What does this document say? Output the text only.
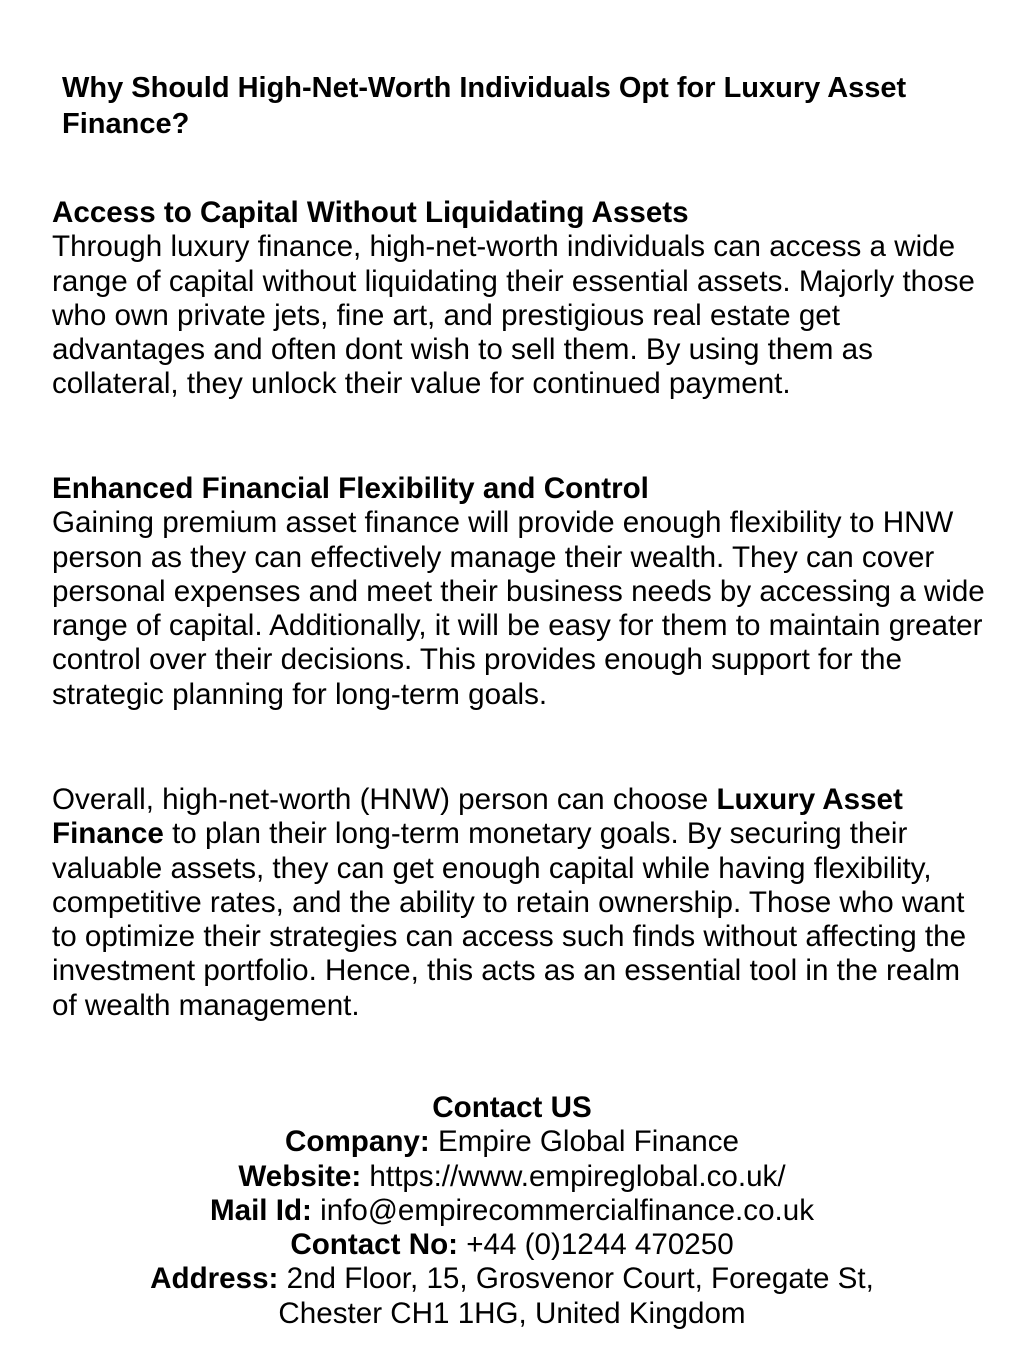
Why Should High-Net-Worth Individuals Opt for Luxury Asset Finance?

Access to Capital Without Liquidating Assets

Through luxury finance, high-net-worth individuals can access a wide range of capital without liquidating their essential assets. Majorly those who own private jets, fine art, and prestigious real estate get advantages and often dont wish to sell them. By using them as collateral, they unlock their value for continued payment.

Enhanced Financial Flexibility and Control

Gaining premium asset finance will provide enough flexibility to HNW person as they can effectively manage their wealth. They can cover personal expenses and meet their business needs by accessing a wide range of capital. Additionally, it will be easy for them to maintain greater control over their decisions. This provides enough support for the strategic planning for long-term goals.

Overall, high-net-worth (HNW) person can choose Luxury Asset Finance to plan their long-term monetary goals. By securing their valuable assets, they can get enough capital while having flexibility, competitive rates, and the ability to retain ownership. Those who want to optimize their strategies can access such finds without affecting the investment portfolio. Hence, this acts as an essential tool in the realm of wealth management.

Contact US

Company: Empire Global Finance

Website: https://www.empireglobal.co.uk/

Mail Id: info@empirecommercialfinance.co.uk

Contact No: +44 (0)1244 470250

Address: 2nd Floor, 15, Grosvenor Court, Foregate St,

Chester CH1 1HG, United Kingdom
